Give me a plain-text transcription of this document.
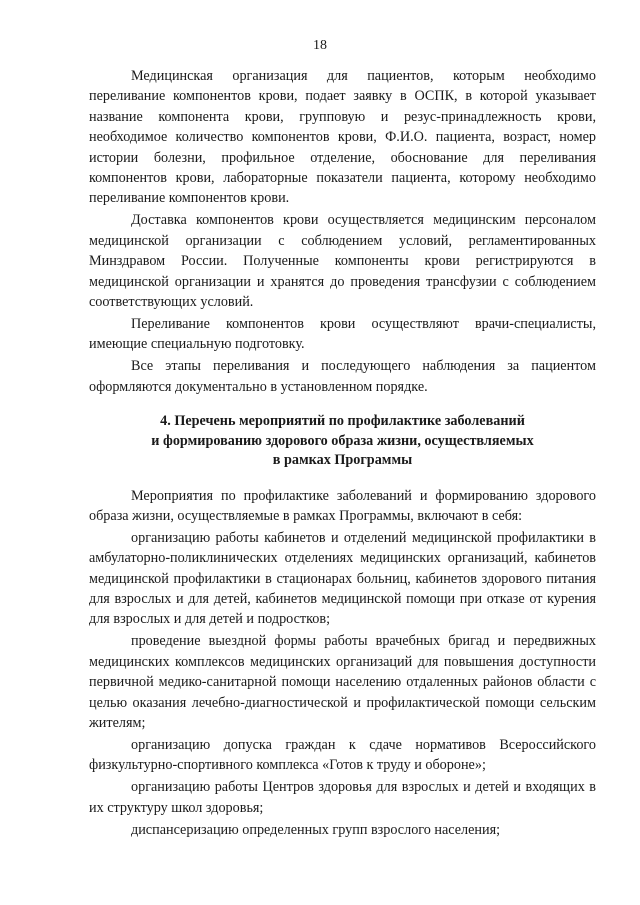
18

Медицинская организация для пациентов, которым необходимо переливание компонентов крови, подает заявку в ОСПК, в которой указывает название компонента крови, групповую и резус-принадлежность крови, необходимое количество компонентов крови, Ф.И.О. пациента, возраст, номер истории болезни, профильное отделение, обоснование для переливания компонентов крови, лабораторные показатели пациента, которому необходимо переливание компонентов крови.

Доставка компонентов крови осуществляется медицинским персоналом медицинской организации с соблюдением условий, регламентированных Минздравом России. Полученные компоненты крови регистрируются в медицинской организации и хранятся до проведения трансфузии с соблюдением соответствующих условий.

Переливание компонентов крови осуществляют врачи-специалисты, имеющие специальную подготовку.

Все этапы переливания и последующего наблюдения за пациентом оформляются документально в установленном порядке.

4. Перечень мероприятий по профилактике заболеваний
и формированию здорового образа жизни, осуществляемых
в рамках Программы

Мероприятия по профилактике заболеваний и формированию здорового образа жизни, осуществляемые в рамках Программы, включают в себя:

организацию работы кабинетов и отделений медицинской профилактики в амбулаторно-поликлинических отделениях медицинских организаций, кабинетов медицинской профилактики в стационарах больниц, кабинетов здорового питания для взрослых и для детей, кабинетов медицинской помощи при отказе от курения для взрослых и для детей и подростков;

проведение выездной формы работы врачебных бригад и передвижных медицинских комплексов медицинских организаций для повышения доступности первичной медико-санитарной помощи населению отдаленных районов области с целью оказания лечебно-диагностической и профилактической помощи сельским жителям;

организацию допуска граждан к сдаче нормативов Всероссийского физкультурно-спортивного комплекса «Готов к труду и обороне»;

организацию работы Центров здоровья для взрослых и детей и входящих в их структуру школ здоровья;

диспансеризацию определенных групп взрослого населения;
